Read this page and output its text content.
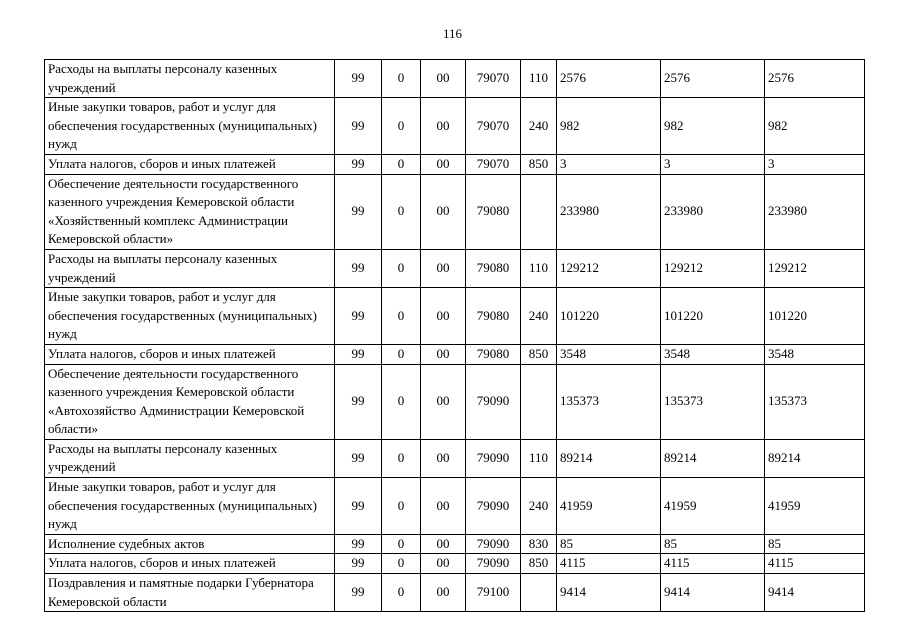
116
Расходы на выплаты персоналу казенных учреждений	99	0	00	79070	110	2576	2576	2576
Иные закупки товаров, работ и услуг для обеспечения государственных (муниципальных) нужд	99	0	00	79070	240	982	982	982
Уплата налогов, сборов и иных платежей	99	0	00	79070	850	3	3	3
Обеспечение деятельности государственного казенного учреждения Кемеровской области «Хозяйственный комплекс Администрации Кемеровской области»	99	0	00	79080		233980	233980	233980
Расходы на выплаты персоналу казенных учреждений	99	0	00	79080	110	129212	129212	129212
Иные закупки товаров, работ и услуг для обеспечения государственных (муниципальных) нужд	99	0	00	79080	240	101220	101220	101220
Уплата налогов, сборов и иных платежей	99	0	00	79080	850	3548	3548	3548
Обеспечение деятельности государственного казенного учреждения Кемеровской области «Автохозяйство Администрации Кемеровской области»	99	0	00	79090		135373	135373	135373
Расходы на выплаты персоналу казенных учреждений	99	0	00	79090	110	89214	89214	89214
Иные закупки товаров, работ и услуг для обеспечения государственных (муниципальных) нужд	99	0	00	79090	240	41959	41959	41959
Исполнение судебных актов	99	0	00	79090	830	85	85	85
Уплата налогов, сборов и иных платежей	99	0	00	79090	850	4115	4115	4115
Поздравления и памятные подарки Губернатора Кемеровской области	99	0	00	79100		9414	9414	9414
